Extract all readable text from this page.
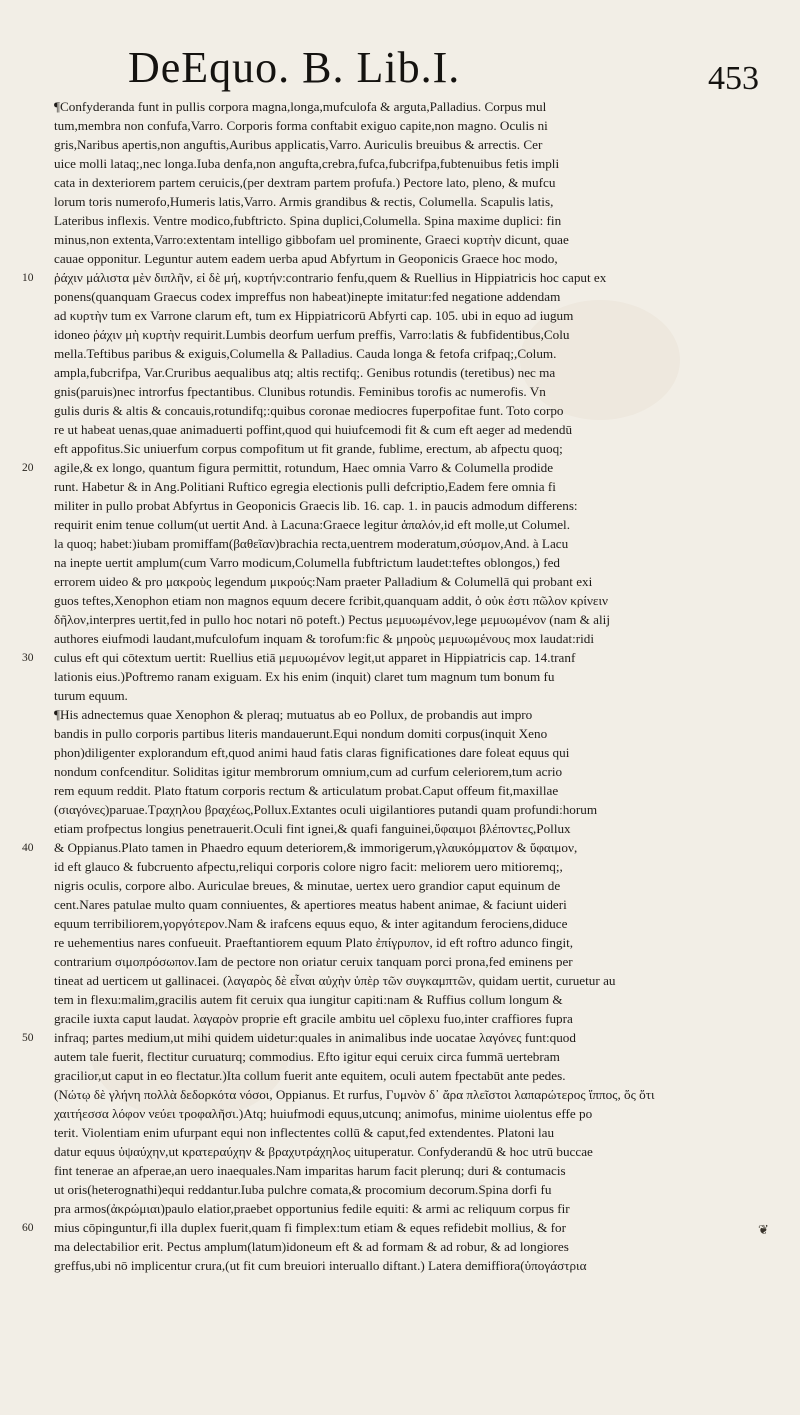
DeEquo. B. Lib.I.	453
¶Confyderanda funt in pullis corpora magna,longa,mufculofa & arguta,Palladius. Corpus mul
tum,membra non confufa,Varro. Corporis forma conftabit exiguo capite,non magno. Oculis ni
gris,Naribus apertis,non anguftis,Auribus applicatis,Varro. Auriculis breuibus & arrectis. Cer
uice molli lataq;,nec longa.Iuba denfa,non angufta,crebra,fufca,fubcrifpa,fubtenuibus fetis impli
cata in dexteriorem partem ceruicis,(per dextram partem profufa.) Pectore lato, pleno, & mufcu
lorum toris numerofo,Humeris latis,Varro. Armis grandibus & rectis, Columella. Scapulis latis,
Lateribus inflexis. Ventre modico,fubftricto. Spina duplici,Columella. Spina maxime duplici: fin
minus,non extenta,Varro:extentam intelligo gibbofam uel prominente, Graeci κυρτὴν dicunt, quae
cauae opponitur. Leguntur autem eadem uerba apud Abfyrtum in Geoponicis Graece hoc modo,
10 ῥάχιν μάλιστα μὲν διπλῆν, εἰ δὲ μή, κυρτήν:contrario fenfu,quem & Ruellius in Hippiatricis hoc caput ex
ponens(quanquam Graecus codex impreffus non habeat)inepte imitatur:fed negatione addendam
ad κυρτὴν tum ex Varrone clarum eft, tum ex Hippiatricorū Abfyrti cap. 105. ubi in equo ad iugum
idoneo ῥάχιν μὴ κυρτὴν requirit.Lumbis deorfum uerfum preffis, Varro:latis & fubfidentibus,Colu
mella.Teftibus paribus & exiguis,Columella & Palladius. Cauda longa & fetofa crifpaq;,Colum.
ampla,fubcrifpa, Var.Cruribus aequalibus atq; altis rectifq;. Genibus rotundis (teretibus) nec ma
gnis(paruis)nec introrfus fpectantibus. Clunibus rotundis. Feminibus torofis ac numerofis. Vn
gulis duris & altis & concauis,rotundifq;:quibus coronae mediocres fuperpofitae funt. Toto corpo
re ut habeat uenas,quae animaduerti poffint,quod qui huiufcemodi fit & cum eft aeger ad medendū
eft appofitus.Sic uniuerfum corpus compofitum ut fit grande, fublime, erectum, ab afpectu quoq;
20 agile,& ex longo, quantum figura permittit, rotundum, Haec omnia Varro & Columella prodide
runt. Habetur & in Ang.Politiani Ruftico egregia electionis pulli defcriptio,Eadem fere omnia fi
militer in pullo probat Abfyrtus in Geoponicis Graecis lib. 16. cap. 1. in paucis admodum differens:
requirit enim tenue collum(ut uertit And. à Lacuna:Graece legitur ἁπαλόν,id eft molle,ut Columel.
la quoq; habet:)iubam promiffam(βαθεῖαν)brachia recta,uentrem moderatum,σύσμον,And. à Lacu
na inepte uertit amplum(cum Varro modicum,Columella fubftrictum laudet:teftes oblongos,) fed
errorem uideo & pro μακροὺς legendum μικρούς:Nam praeter Palladium & Columellā qui probant exi
guos teftes,Xenophon etiam non magnos equum decere fcribit,quanquam addit, ὁ οὐκ ἐστι πῶλον κρίνειν
δῆλον,interpres uertit,fed in pullo hoc notari nō poteft.) Pectus μεμυωμένον,lege μεμυωμένον (nam & alij
authores eiufmodi laudant,mufculofum inquam & torofum:fic & μηροὺς μεμυωμένους mox laudat:ridi
30 culus eft qui cōtextum uertit: Ruellius etiā μεμυωμένον legit,ut apparet in Hippiatricis cap. 14.tranf
lationis eius.)Poftremo ranam exiguam. Ex his enim (inquit) claret tum magnum tum bonum fu
turum equum.
¶His adnectemus quae Xenophon & pleraq; mutuatus ab eo Pollux, de probandis aut impro
bandis in pullo corporis partibus literis mandauerunt.Equi nondum domiti corpus(inquit Xeno
phon)diligenter explorandum eft,quod animi haud fatis claras fignificationes dare foleat equus qui
nondum confcenditur. Soliditas igitur membrorum omnium,cum ad curfum celeriorem,tum acrio
rem equum reddit. Plato ftatum corporis rectum & articulatum probat.Caput offeum fit,maxillae
(σιαγόνες)paruae.Τραχηλου βραχέως,Pollux.Extantes oculi uigilantiores putandi quam profundi:horum
etiam profpectus longius penetrauerit.Oculi fint ignei,& quafi fanguinei,ὕφαιμοι βλέποντες,Pollux
40 & Oppianus.Plato tamen in Phaedro equum deteriorem,& immorigerum,γλαυκόμματον & ὕφαιμον,
id eft glauco & fubcruento afpectu,reliqui corporis colore nigro facit: meliorem uero mitioremq;,
nigris oculis, corpore albo. Auriculae breues, & minutae, uertex uero grandior caput equinum de
cent.Nares patulae multo quam conniuentes, & apertiores meatus habent animae, & faciunt uideri
equum terribiliorem,γοργότερον.Nam & irafcens equus equo, & inter agitandum ferociens,diduce
re uehementius nares confueuit. Praeftantiorem equum Plato ἐπίγρυπον, id eft roftro adunco fingit,
contrarium σιμοπρόσωπον.Iam de pectore non oriatur ceruix tanquam porci prona,fed eminens per
tineat ad uerticem ut gallinacei. (λαγαρὸς δὲ εἶναι αὐχὴν ὑπὲρ τῶν συγκαμπτῶν, quidam uertit, curuetur au
tem in flexu:malim,gracilis autem fit ceruix qua iungitur capiti:nam & Ruffius collum longum &
gracile iuxta caput laudat. λαγαρὸν proprie eft gracile ambitu uel cōplexu fuo,inter craffiores fupra
50 infraq; partes medium,ut mihi quidem uidetur:quales in animalibus inde uocatae λαγόνες funt:quod
autem tale fuerit, flectitur curuaturq; commodius. Efto igitur equi ceruix circa fummā uertebram
gracilior,ut caput in eo flectatur.)Ita collum fuerit ante equitem, oculi autem fpectabūt ante pedes.
(Νώτῳ δὲ γλήνη πολλὰ δεδορκότα νόσοι, Oppianus. Et rurfus, Γυμνὸν δ᾽ ἄρα πλεῖστοι λαπαρώτερος ἵππος, ὅς ὅτι
χαιτήεσσα λόφον νεύει τροφαλῆσι.)Atq; huiufmodi equus,utcunq; animofus, minime uiolentus effe po
terit. Violentiam enim ufurpant equi non inflectentes collū & caput,fed extendentes. Platoni lau
datur equus ὑψαύχην,ut κρατεραύχην & βραχυτράχηλος uituperatur. Confyderandū & hoc utrū buccae
fint tenerae an afperae,an uero inaequales.Nam imparitas harum facit plerunq; duri & contumacis
ut oris(heterognathi)equi reddantur.Iuba pulchre comata,& procomium decorum.Spina dorfi fu
pra armos(ἀκρώμιαι)paulo elatior,praebet opportunius fedile equiti: & armi ac reliquum corpus fir
60 mius cōpinguntur,fi illa duplex fuerit,quam fi fimplex:tum etiam & eques refidebit mollius, & for
ma delectabilior erit. Pectus amplum(latum)idoneum eft & ad formam & ad robur, & ad longiores
greffus,ubi nō implicentur crura,(ut fit cum breuiori interuallo diftant.) Latera demiffiora(ὑπογάστρια
❦
